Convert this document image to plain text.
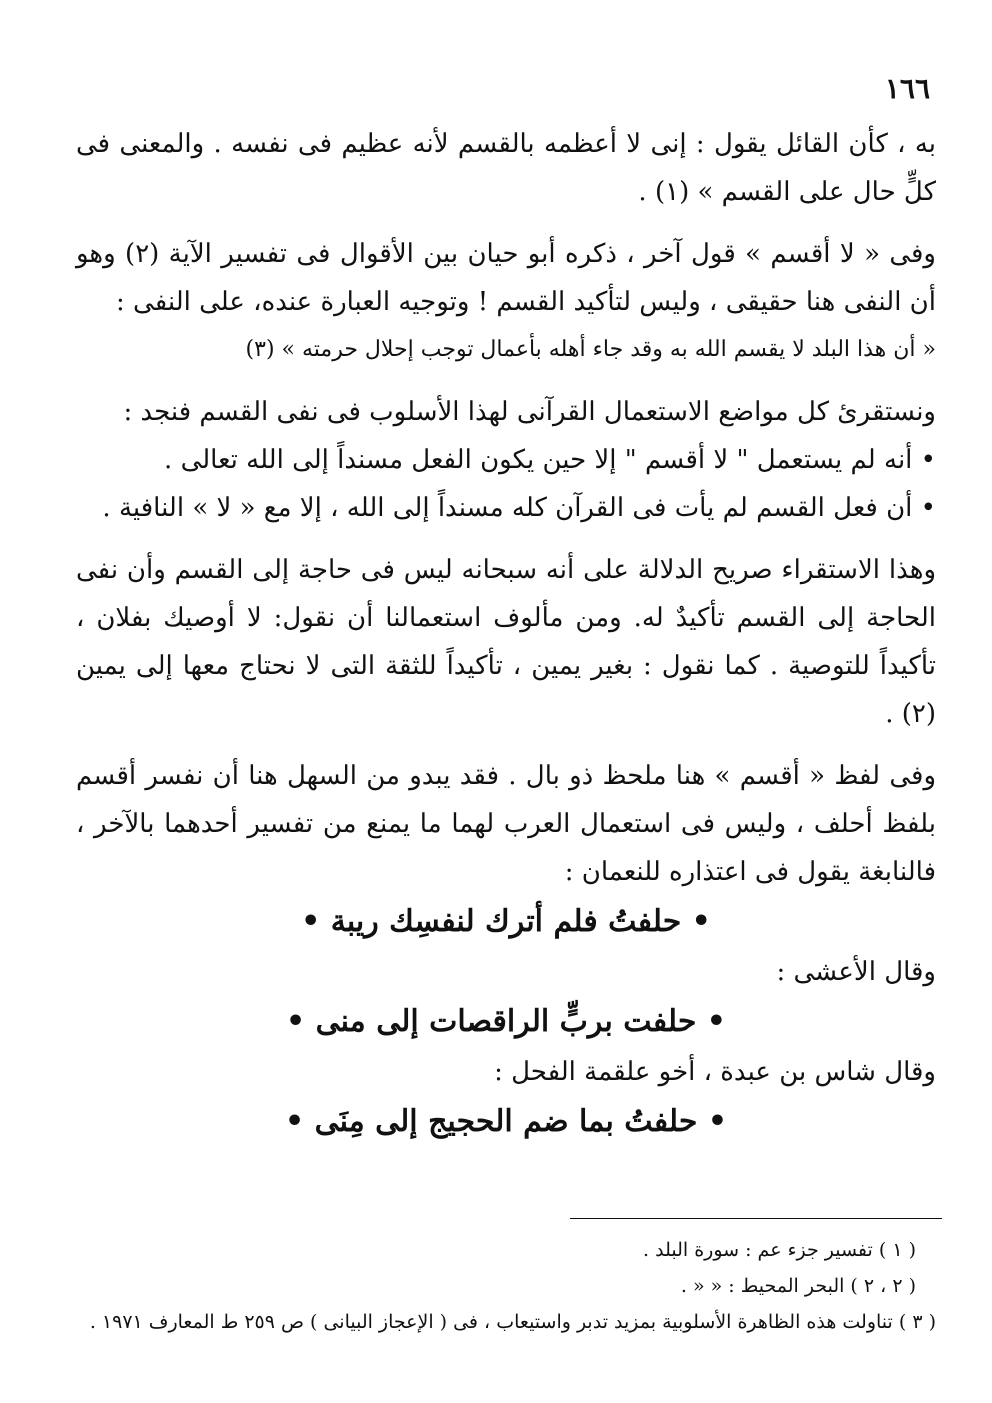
١٦٦

به ، كأن القائل يقول : إنى لا أعظمه بالقسم لأنه عظيم فى نفسه . والمعنى فى كلٍّ حال على القسم » (١) .

وفى « لا أقسم » قول آخر ، ذكره أبو حيان بين الأقوال فى تفسير الآية (٢) وهو أن النفى هنا حقيقى ، وليس لتأكيد القسم ! وتوجيه العبارة عنده، على النفى :

« أن هذا البلد لا يقسم الله به وقد جاء أهله بأعمال توجب إحلال حرمته » (٣)

ونستقرئ كل مواضع الاستعمال القرآنى لهذا الأسلوب فى نفى القسم فنجد :

• أنه لم يستعمل " لا أقسم " إلا حين يكون الفعل مسنداً إلى الله تعالى .

• أن فعل القسم لم يأت فى القرآن كله مسنداً إلى الله ، إلا مع « لا » النافية .

وهذا الاستقراء صريح الدلالة على أنه سبحانه ليس فى حاجة إلى القسم وأن نفى الحاجة إلى القسم تأكيدٌ له. ومن مألوف استعمالنا أن نقول: لا أوصيك بفلان ، تأكيداً للتوصية . كما نقول : بغير يمين ، تأكيداً للثقة التى لا نحتاج معها إلى يمين (٢) .

وفى لفظ « أقسم » هنا ملحظ ذو بال . فقد يبدو من السهل هنا أن نفسر أقسم بلفظ أحلف ، وليس فى استعمال العرب لهما ما يمنع من تفسير أحدهما بالآخر ، فالنابغة يقول فى اعتذاره للنعمان :

• حلفتُ فلم أترك لنفسِك ريبة •

وقال الأعشى :

• حلفت بربٍّ الراقصات إلى منى •

وقال شاس بن عبدة ، أخو علقمة الفحل :

• حلفتُ بما ضم الحجيج إلى مِنَى •

( ١ ) تفسير جزء عم : سورة البلد .

( ٢ ، ٢ ) البحر المحيط : « « .

( ٣ ) تناولت هذه الظاهرة الأسلوبية بمزيد تدبر واستيعاب ، فى ( الإعجاز البيانى ) ص ٢٥٩ ط المعارف ١٩٧١ .
